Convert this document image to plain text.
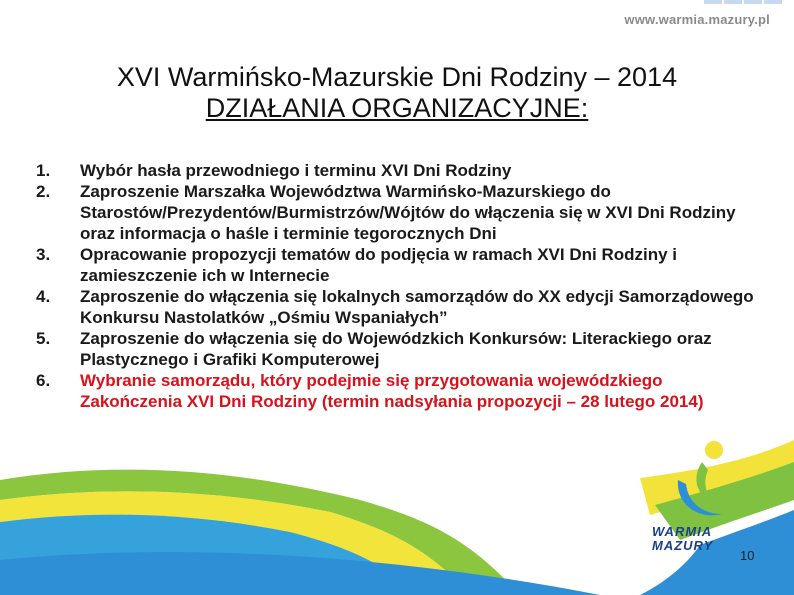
www.warmia.mazury.pl
XVI Warmińsko-Mazurskie Dni Rodziny – 2014
DZIAŁANIA ORGANIZACYJNE:
1.	Wybór hasła przewodniego i terminu XVI Dni Rodziny
2.	Zaproszenie Marszałka Województwa Warmińsko-Mazurskiego do Starostów/Prezydentów/Burmistrzów/Wójtów do włączenia się w XVI Dni Rodziny oraz informacja o haśle i terminie tegorocznych Dni
3.	Opracowanie propozycji tematów do podjęcia w ramach XVI Dni Rodziny i zamieszczenie ich w Internecie
4.	Zaproszenie do włączenia się lokalnych samorządów do XX edycji Samorządowego Konkursu Nastolatków „Ośmiu Wspaniałych”
5.	Zaproszenie do włączenia się do Wojewódzkich Konkursów: Literackiego oraz Plastycznego i Grafiki Komputerowej
6.	Wybranie samorządu, który podejmie się przygotowania wojewódzkiego Zakończenia XVI Dni Rodziny (termin nadsyłania propozycji – 28 lutego 2014)
WARMIA
MAZURY
10
